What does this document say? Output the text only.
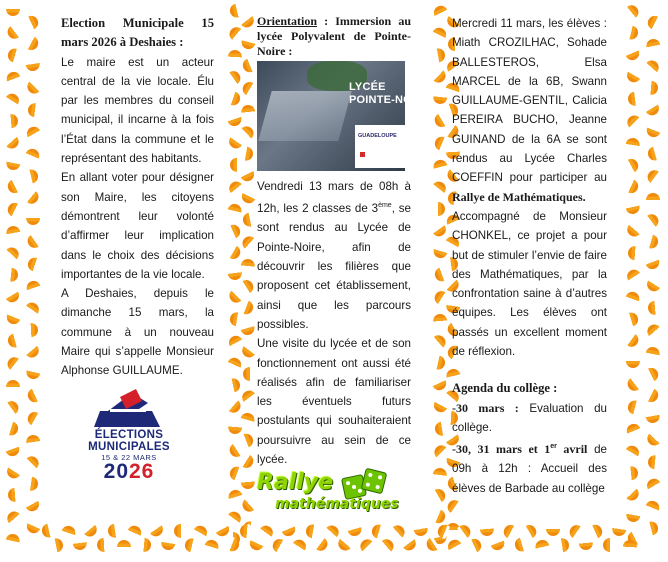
Election Municipale 15 mars 2026 à Deshaies :

Le maire est un acteur central de la vie locale. Élu par les membres du conseil municipal, il incarne à la fois l’État dans la commune et le représentant des habitants.

En allant voter pour désigner son Maire, les citoyens démontrent leur volonté d’affirmer leur implication dans le choix des décisions importantes de la vie locale.

A Deshaies, depuis le dimanche 15 mars, la commune à un nouveau Maire qui s’appelle Monsieur Alphonse GUILLAUME.

ÉLECTIONS MUNICIPALES
15 & 22 MARS
2026

Orientation : Immersion au lycée Polyvalent de Pointe-Noire :

LYCÉE DE POINTE-NOIRE
GUADELOUPE

Vendredi 13 mars de 08h à 12h, les 2 classes de 3ème, se sont rendus au Lycée de Pointe-Noire, afin de découvrir les filières que proposent cet établissement, ainsi que les parcours possibles.

Une visite du lycée et de son fonctionnement ont aussi été réalisés afin de familiariser les éventuels futurs postulants qui souhaiteraient poursuivre au sein de ce lycée.

Rallye
mathématiques

Mercredi 11 mars, les élèves : Miath CROZILHAC, Sohade BALLESTEROS, Elsa MARCEL de la 6B, Swann GUILLAUME-GENTIL, Calicia PEREIRA BUCHO, Jeanne GUINAND de la 6A se sont rendus au Lycée Charles COEFFIN pour participer au Rallye de Mathématiques.

Accompagné de Monsieur CHONKEL, ce projet a pour but de stimuler l’envie de faire des Mathématiques, par la confrontation saine à d’autres équipes. Les élèves ont passés un excellent moment de réflexion.

Agenda du collège :

-30 mars : Evaluation du collège.

-30, 31 mars et 1er avril de 09h à 12h : Accueil des élèves de Barbade au collège
